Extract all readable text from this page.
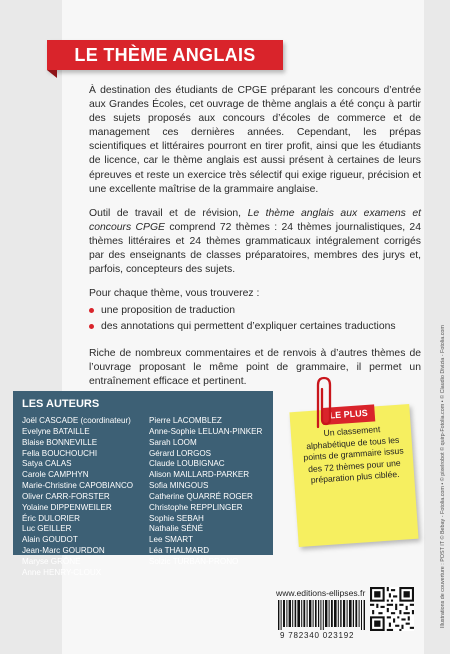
LE THÈME ANGLAIS

À destination des étudiants de CPGE préparant les concours d’entrée aux Grandes Écoles, cet ouvrage de thème anglais a été conçu à partir des sujets proposés aux concours d’écoles de commerce et de management ces dernières années. Cependant, les prépas scientifiques et littéraires pourront en tirer profit, ainsi que les étudiants de licence, car le thème anglais est aussi présent à certaines de leurs épreuves et reste un exercice très sélectif qui exige rigueur, précision et une excellente maîtrise de la grammaire anglaise.

Outil de travail et de révision, Le thème anglais aux examens et concours CPGE comprend 72 thèmes : 24 thèmes journalistiques, 24 thèmes littéraires et 24 thèmes grammaticaux intégralement corrigés par des enseignants de classes préparatoires, membres des jurys et, parfois, concepteurs des sujets.

Pour chaque thème, vous trouverez :

une proposition de traduction
des annotations qui permettent d’expliquer certaines traductions

Riche de nombreux commentaires et de renvois à d’autres thèmes de l’ouvrage proposant le même point de grammaire, il permet un entraînement efficace et pertinent.

LES AUTEURS
Joël CASCADE (coordinateur)
Evelyne BATAILLE
Blaise BONNEVILLE
Fella BOUCHOUCHI
Satya CALAS
Carole CAMPHYN
Marie-Christine CAPOBIANCO
Oliver CARR-FORSTER
Yolaine DIPPENWEILER
Éric DULORIER
Luc GEILLER
Alain GOUDOT
Jean-Marc GOURDON
Maryse GRÔNE
Anne HENRY-CLOUX
Pierre LACOMBLEZ
Anne-Sophie LELUAN-PINKER
Sarah LOOM
Gérard LORGOS
Claude LOUBIGNAC
Alison MAILLARD-PARKER
Sofia MINGOUS
Catherine QUARRÉ ROGER
Christophe REPPLINGER
Sophie SEBAH
Nathalie SÉNÉ
Lee SMART
Léa THALMARD
Soizic TURBAN-PRONO
LE PLUS
Un classement alphabétique de tous les points de grammaire issus des 72 thèmes pour une préparation plus ciblée.
www.editions-ellipses.fr
9 782340 023192
Illustrations de couverture : POST IT © Bebay - Fotolia.com • © pixelrobot © quirp-Fotolia.com • © Claudio Divizia - Fotolia.com
